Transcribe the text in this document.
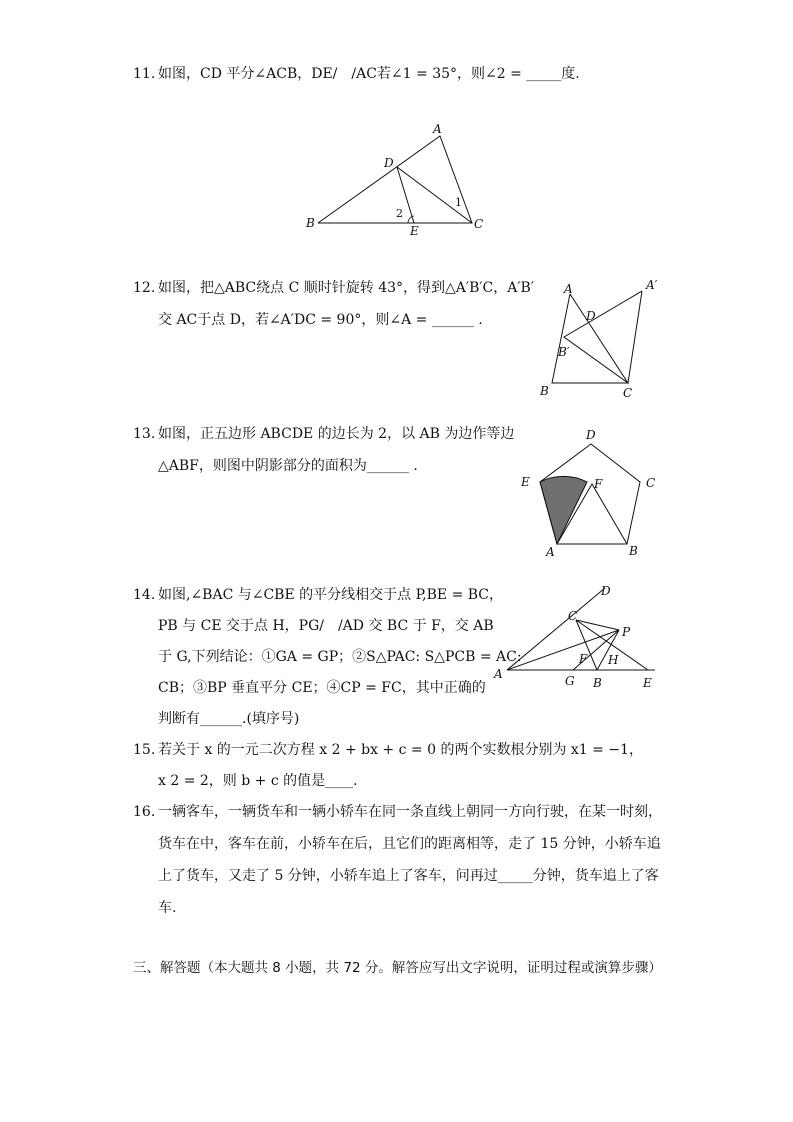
11. 如图，CD 平分∠ACB，DE/　/AC若∠1 = 35°，则∠2 = _____度.
A
B	C
D
E
1
2
12. 如图，把△ABC绕点 C 顺时针旋转 43°，得到△A′B′C，A′B′
交 AC于点 D，若∠A′DC = 90°，则∠A = ______ .
A	A′
B
B′
C
D
13. 如图，正五边形 ABCDE 的边长为 2，以 AB 为边作等边
△ABF，则图中阴影部分的面积为______ .
A	B
C
D
E	F
14. 如图,∠BAC 与∠CBE 的平分线相交于点 P,BE = BC，
PB 与 CE 交于点 H，PG/　/AD 交 BC 于 F，交 AB
于 G,下列结论：①GA = GP；②S△PAC: S△PCB = AC:
CB；③BP 垂直平分 CE；④CP = FC，其中正确的
判断有______.(填序号)
D
C
P
F H
A	G B	E
15. 若关于 x 的一元二次方程 x 2 + bx + c = 0 的两个实数根分别为 x1 = −1，
x 2 = 2，则 b + c 的值是____.
16. 一辆客车，一辆货车和一辆小轿车在同一条直线上朝同一方向行驶，在某一时刻，
货车在中，客车在前，小轿车在后，且它们的距离相等，走了 15 分钟，小轿车追
上了货车，又走了 5 分钟，小轿车追上了客车，问再过_____分钟，货车追上了客
车.
三、解答题（本大题共 8 小题，共 72 分。解答应写出文字说明，证明过程或演算步骤）
